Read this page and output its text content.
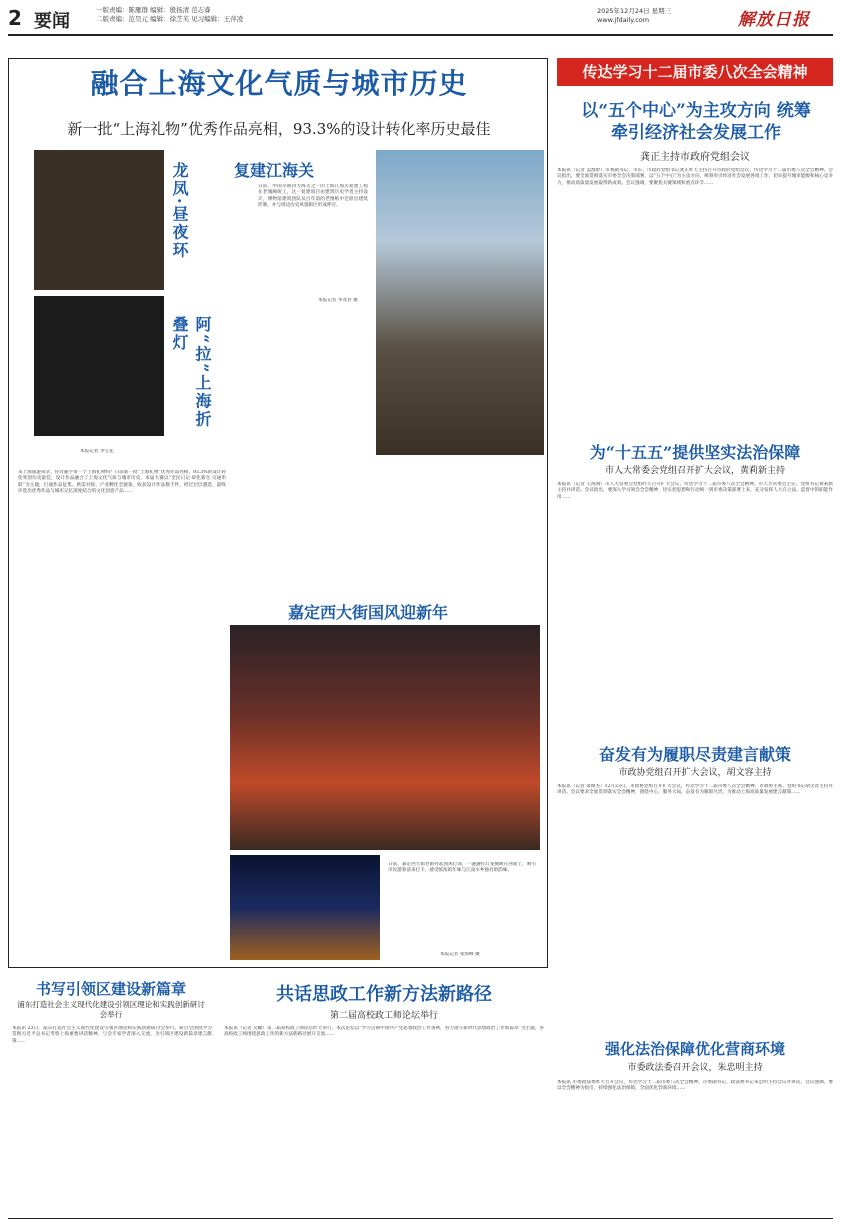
2 要闻
一版责编：陈雁群 编辑：殷扬清 范志睿
二版责编：范昊元 编辑：徐芝芙 见习编辑：王萍凌
2025年12月24日 星期三
www.jfdaily.com	解放日报
融合上海文化气质与城市历史
新一批“上海礼物”优秀作品亮相，93.3%的设计转化率历史最佳
龙凤·昼夜环
阿“拉”上海折叠灯
本报记者 李宝花
复建江海关
日前，中国早期四大海关之一的上海江海关复建工程在老城厢竣工，这一复建项目由建筑历史学者主持设计，博物馆建筑团队从百年前的老图纸中还原出建筑形制，并与周边历史风貌街区形成呼应。
本报记者 李茂君 摄
来上海旅游探亲，你肯随手带一个上海礼物吗？日前新一批“上海礼物”优秀作品亮相，93.3%的设计转化率创历史最佳，设计作品融合了上海文化气质与城市历史。本届大赛以“全民日记·碎化新生·交通串联”为主题，打通作品征集、供需对接、产业孵化全链条，收获设计作品数千件，经过层层遴选，最终评选出优秀作品与城市记忆深度结合的文化创意产品……
嘉定西大街国风迎新年
日前，嘉定西大街老街亮起国风灯饰，一盏盏红灯笼倒映在河面上，吸引市民游客前来打卡，感受浓浓的年味与江南水乡独有的韵味。
本报记者 张海峰 摄
传达学习十二届市委八次全会精神
以“五个中心”为主攻方向 统筹牵引经济社会发展工作
龚正主持市政府党组会议
本报讯（记者 孟群舒）市委副书记、市长、市政府党组书记龚正昨天主持召开市政府党组会议，传达学习十二届市委八次全会精神。会议指出，要全面贯彻落实市委全会决策部署，以“五个中心”为主攻方向，统筹牵引经济社会发展各项工作，切实提升城市能级和核心竞争力，推动高质量发展取得新成效。会议强调，要聚焦关键领域和重点环节……
为“十五五”提供坚实法治保障
市人大常委会党组召开扩大会议，黄莉新主持
本报讯（记者 王海燕）市人大常委会党组昨天召开扩大会议，传达学习十二届市委八次全会精神。市人大常委会主任、党组书记黄莉新主持并讲话。会议指出，要深入学习领会全会精神，切实把思想和行动统一到市委决策部署上来，充分发挥人大在立法、监督中的职能作用……
奋发有为履职尽责建言献策
市政协党组召开扩大会议，胡文容主持
本报讯（记者 谈俊杰）12月23日，市政协党组召开扩大会议，传达学习十二届市委八次全会精神。市政协主席、党组书记胡文容主持并讲话。会议要求全面贯彻落实全会精神，围绕中心、服务大局，奋发有为履职尽责，为推动上海高质量发展建言献策……
强化法治保障优化营商环境
市委政法委召开会议，朱忠明主持
本报讯 市委政法委昨天召开会议，传达学习十二届市委八次全会精神。市委副书记、政法委书记朱忠明主持会议并讲话。会议强调，要以全会精神为指引，持续强化法治保障，全面优化营商环境……
书写引领区建设新篇章
浦东打造社会主义现代化建设引领区理论和实践创新研讨会举行
本报讯 23日，浦东打造社会主义现代化建设引领区理论和实践创新研讨会举行。研讨会围绕学习贯彻习近平总书记考察上海重要讲话精神，与会专家学者深入交流，为引领区建设新篇章建言献策……
共话思政工作新方法新路径
第二届高校政工师论坛举行
本报讯（记者 吴頔）第二届高校政工师论坛昨天举行。本次论坛以“学习贯彻中国共产党思想政治工作条例，努力谱写新时代思想政治工作新篇章”为主题，各高校政工师围绕思政工作的新方法新路径展开交流……
